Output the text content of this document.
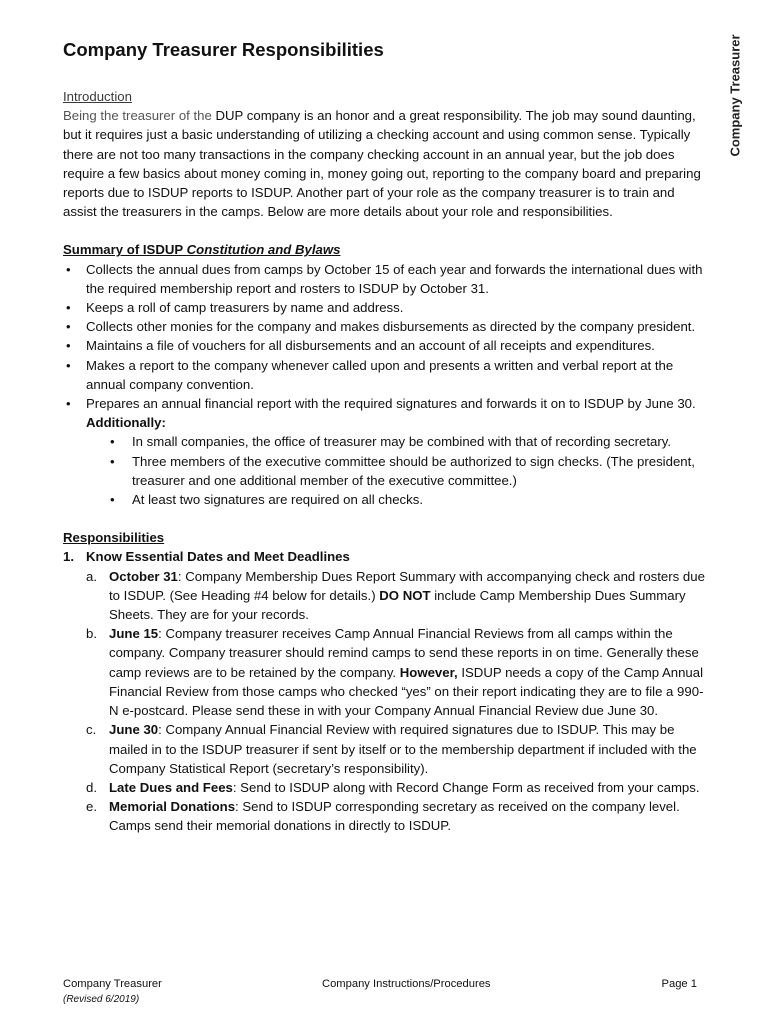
Company Treasurer
Company Treasurer Responsibilities
Introduction

Being the treasurer of the DUP company is an honor and a great responsibility. The job may sound daunting, but it requires just a basic understanding of utilizing a checking account and using common sense. Typically there are not too many transactions in the company checking account in an annual year, but the job does require a few basics about money coming in, money going out, reporting to the company board and preparing reports due to ISDUP reports to ISDUP. Another part of your role as the company treasurer is to train and assist the treasurers in the camps. Below are more details about your role and responsibilities.

Summary of ISDUP Constitution and Bylaws
• Collects the annual dues from camps by October 15 of each year and forwards the international dues with the required membership report and rosters to ISDUP by October 31.
• Keeps a roll of camp treasurers by name and address.
• Collects other monies for the company and makes disbursements as directed by the company president.
• Maintains a file of vouchers for all disbursements and an account of all receipts and expenditures.
• Makes a report to the company whenever called upon and presents a written and verbal report at the annual company convention.
• Prepares an annual financial report with the required signatures and forwards it on to ISDUP by June 30.
Additionally:
• In small companies, the office of treasurer may be combined with that of recording secretary.
• Three members of the executive committee should be authorized to sign checks. (The president, treasurer and one additional member of the executive committee.)
• At least two signatures are required on all checks.
Responsibilities
1. Know Essential Dates and Meet Deadlines
a. October 31: Company Membership Dues Report Summary with accompanying check and rosters due to ISDUP. (See Heading #4 below for details.) DO NOT include Camp Membership Dues Summary Sheets. They are for your records.
b. June 15: Company treasurer receives Camp Annual Financial Reviews from all camps within the company. Company treasurer should remind camps to send these reports in on time. Generally these camp reviews are to be retained by the company. However, ISDUP needs a copy of the Camp Annual Financial Review from those camps who checked “yes” on their report indicating they are to file a 990-N e-postcard. Please send these in with your Company Annual Financial Review due June 30.
c. June 30: Company Annual Financial Review with required signatures due to ISDUP. This may be mailed in to the ISDUP treasurer if sent by itself or to the membership department if included with the Company Statistical Report (secretary’s responsibility).
d. Late Dues and Fees: Send to ISDUP along with Record Change Form as received from your camps.
e. Memorial Donations: Send to ISDUP corresponding secretary as received on the company level. Camps send their memorial donations in directly to ISDUP.
Company Treasurer
(Revised 6/2019)
Company Instructions/Procedures	Page 1
